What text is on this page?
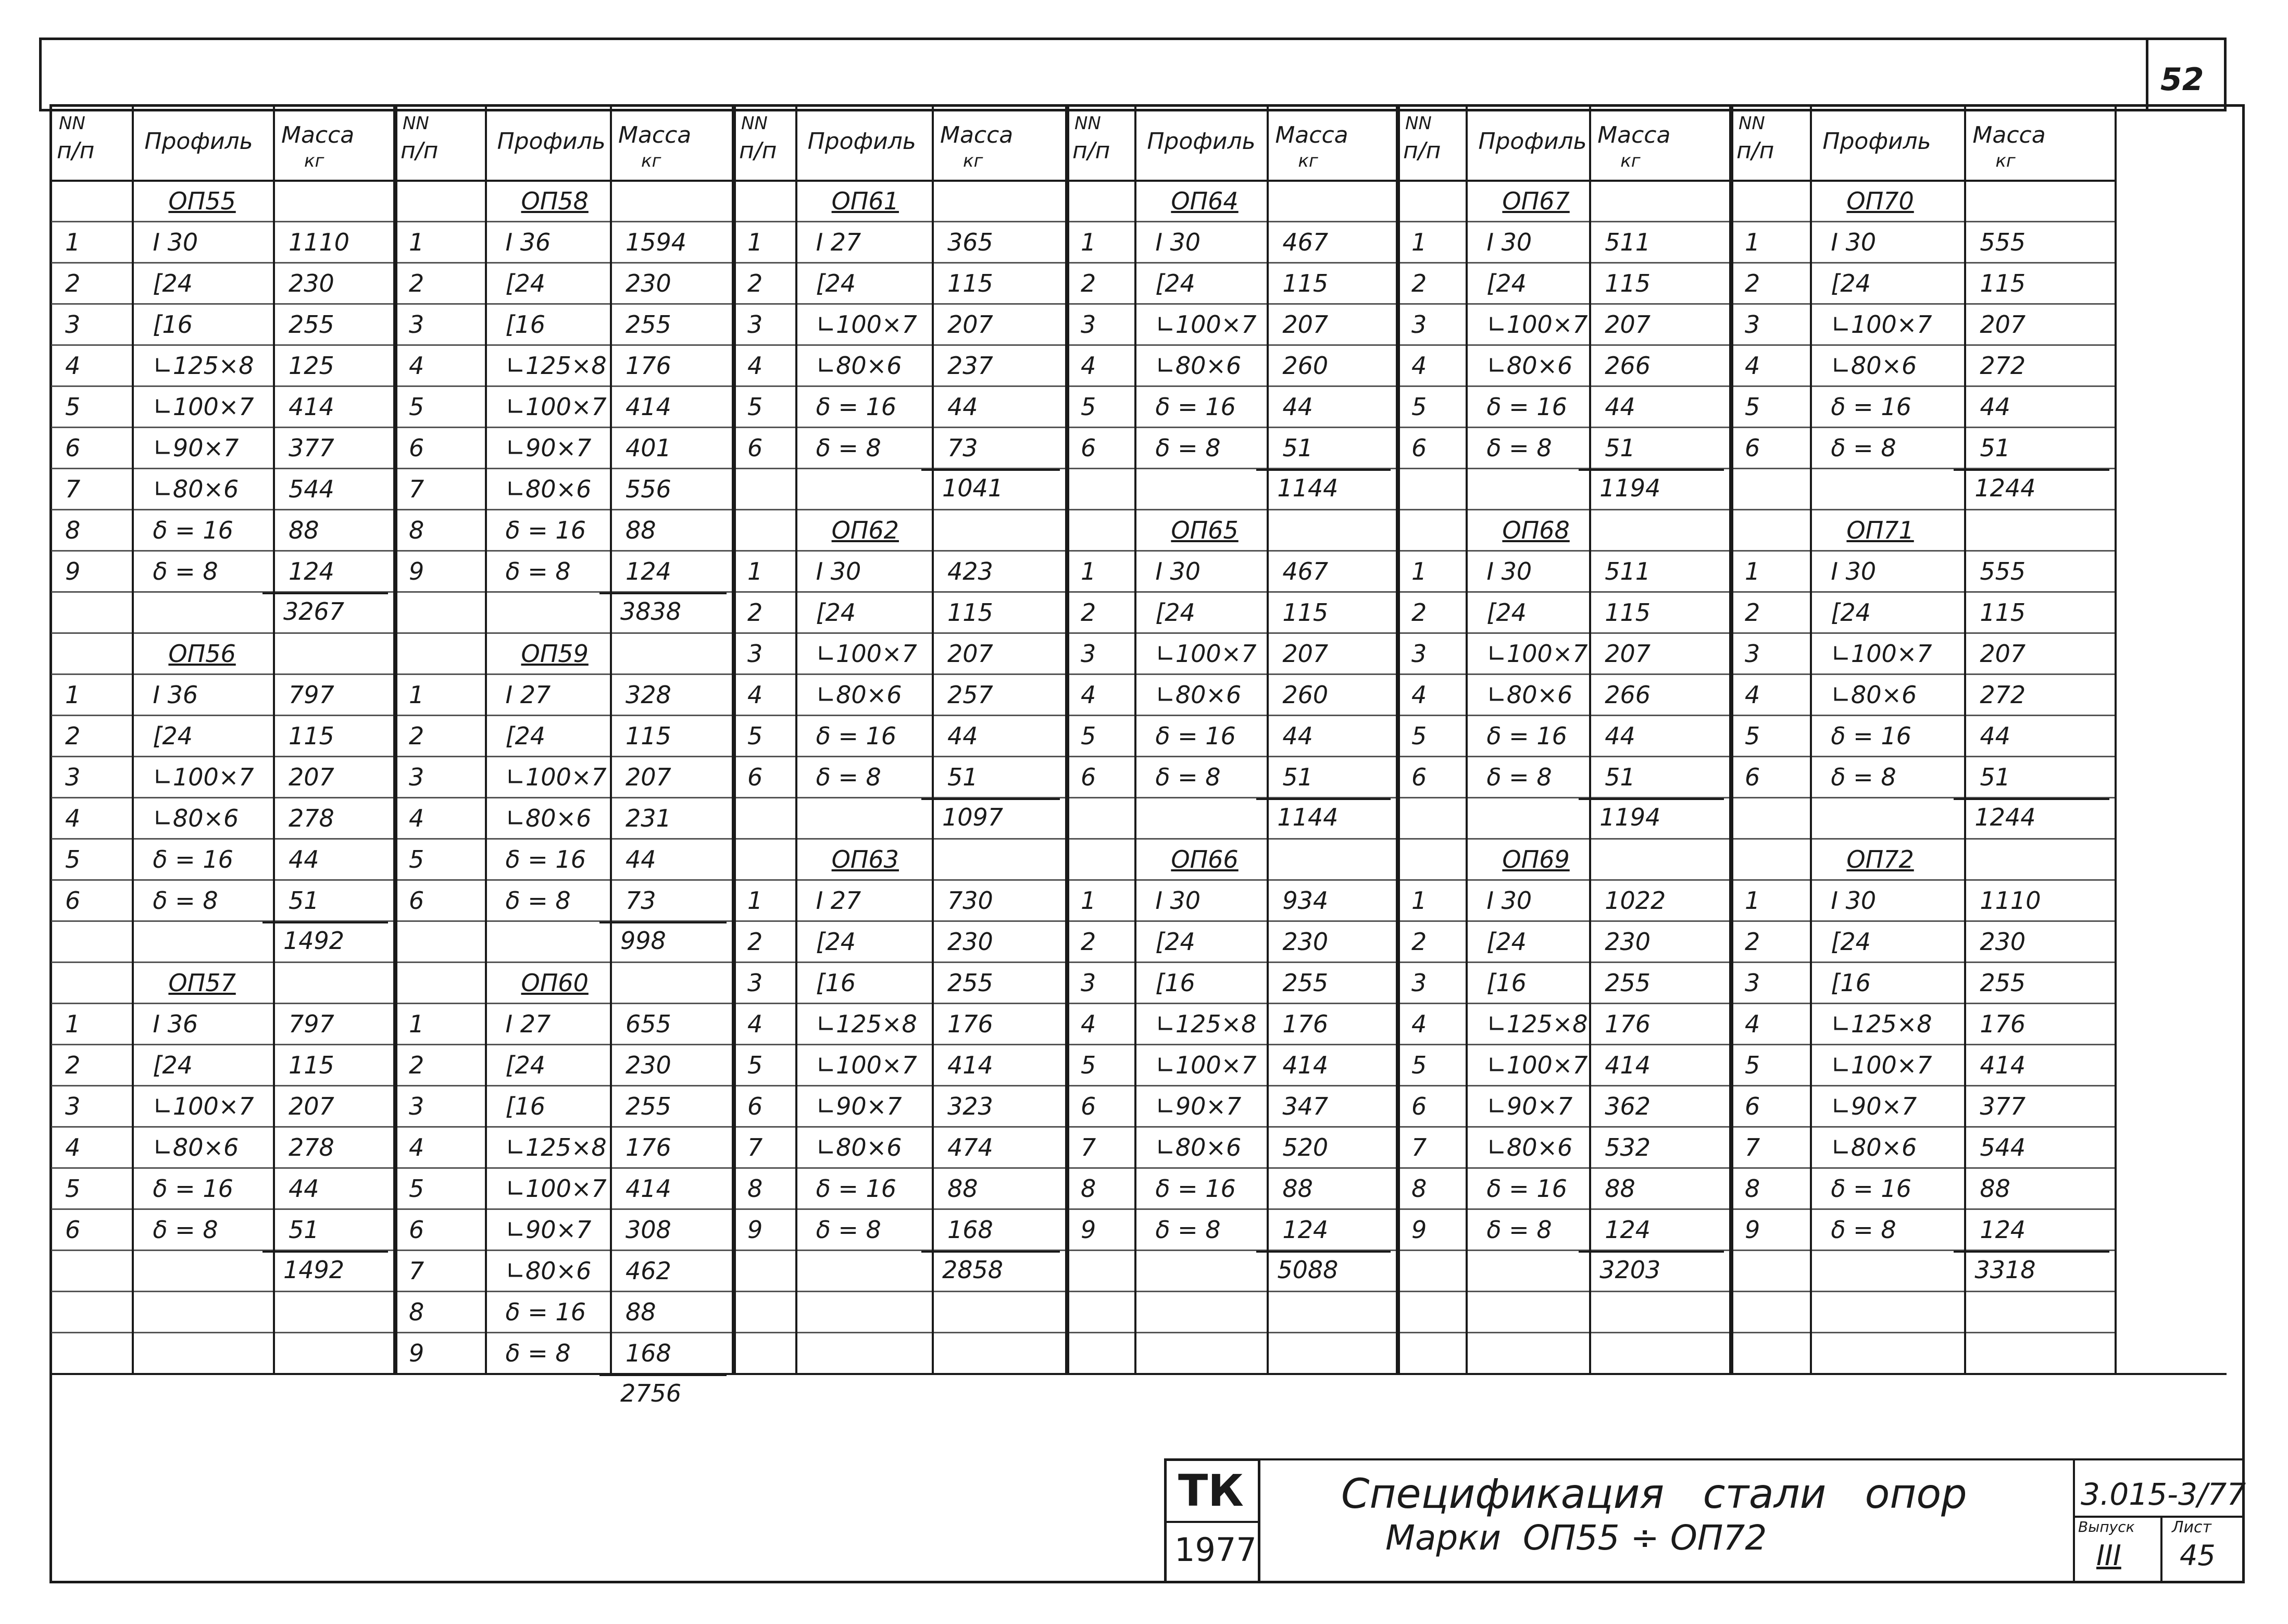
52
NN
п/п Профиль Масса
кг
NN
п/п	Профиль Масса
кг
NN
п/п Профиль Масса
кг
NN
п/п Профиль Масса
кг
NN
п/п Профиль Масса
кг
NN
п/п Профиль Масса
кг
ОП55
1	I 30	1110
2	[24	230
3	[16	255
4	∟125×8 125
5	∟100×7 414
6	∟90×7 377
7	∟80×6 544
8	δ = 16 88
9	δ = 8	124
3267
ОП56
1	I 36	797
2	[24	115
3	∟100×7 207
4	∟80×6 278
5	δ = 16 44
6	δ = 8	51
1492
ОП57
1	I 36	797
2	[24	115
3	∟100×7 207
4	∟80×6 278
5	δ = 16 44
6	δ = 8	51
1492
ОП58
1	I 36	1594
2	[24	230
3	[16	255
4	∟125×8 176
5	∟100×7 414
6	∟90×7 401
7	∟80×6 556
8	δ = 16 88
9	δ = 8 124
3838
ОП59
1	I 27	328
2	[24	115
3	∟100×7 207
4	∟80×6 231
5	δ = 16 44
6	δ = 8 73
998
ОП60
1	I 27	655
2	[24	230
3	[16	255
4	∟125×8 176
5	∟100×7 414
6	∟90×7 308
7	∟80×6 462
8	δ = 16 88
9	δ = 8 168
2756
ОП61
1 I 27	365
2 [24	115
3 ∟100×7 207
4 ∟80×6 237
5 δ = 16 44
6 δ = 8	73
1041
ОП62
1 I 30	423
2 [24	115
3 ∟100×7 207
4 ∟80×6 257
5 δ = 16 44
6 δ = 8	51
1097
ОП63
1 I 27	730
2 [24	230
3 [16	255
4 ∟125×8 176
5 ∟100×7 414
6 ∟90×7 323
7 ∟80×6 474
8 δ = 16 88
9 δ = 8	168
2858
ОП64
1 I 30	467
2 [24	115
3 ∟100×7 207
4 ∟80×6 260
5 δ = 16 44
6 δ = 8	51
1144
ОП65
1 I 30	467
2 [24	115
3 ∟100×7 207
4 ∟80×6 260
5 δ = 16 44
6 δ = 8	51
1144
ОП66
1 I 30	934
2 [24	230
3 [16	255
4 ∟125×8 176
5 ∟100×7 414
6 ∟90×7 347
7 ∟80×6 520
8 δ = 16 88
9 δ = 8	124
5088
ОП67
1	I 30	511
2	[24	115
3	∟100×7 207
4	∟80×6 266
5	δ = 16 44
6	δ = 8 51
1194
ОП68
1	I 30	511
2	[24	115
3	∟100×7 207
4	∟80×6 266
5	δ = 16 44
6	δ = 8 51
1194
ОП69
1	I 30	1022
2	[24	230
3	[16	255
4	∟125×8 176
5	∟100×7 414
6	∟90×7 362
7	∟80×6 532
8	δ = 16 88
9	δ = 8 124
3203
ОП70
1	I 30	555
2	[24	115
3	∟100×7 207
4	∟80×6	272
5	δ = 16	44
6	δ = 8	51
1244
ОП71
1	I 30	555
2	[24	115
3	∟100×7 207
4	∟80×6	272
5	δ = 16	44
6	δ = 8	51
1244
ОП72
1	I 30	1110
2	[24	230
3	[16	255
4	∟125×8 176
5	∟100×7 414
6	∟90×7	377
7	∟80×6	544
8	δ = 16	88
9	δ = 8	124
3318
ТК
1977
Спецификация   стали   опор
Марки  ОП55 ÷ ОП72
3.015-3/77
Выпуск
III
Лист
45
